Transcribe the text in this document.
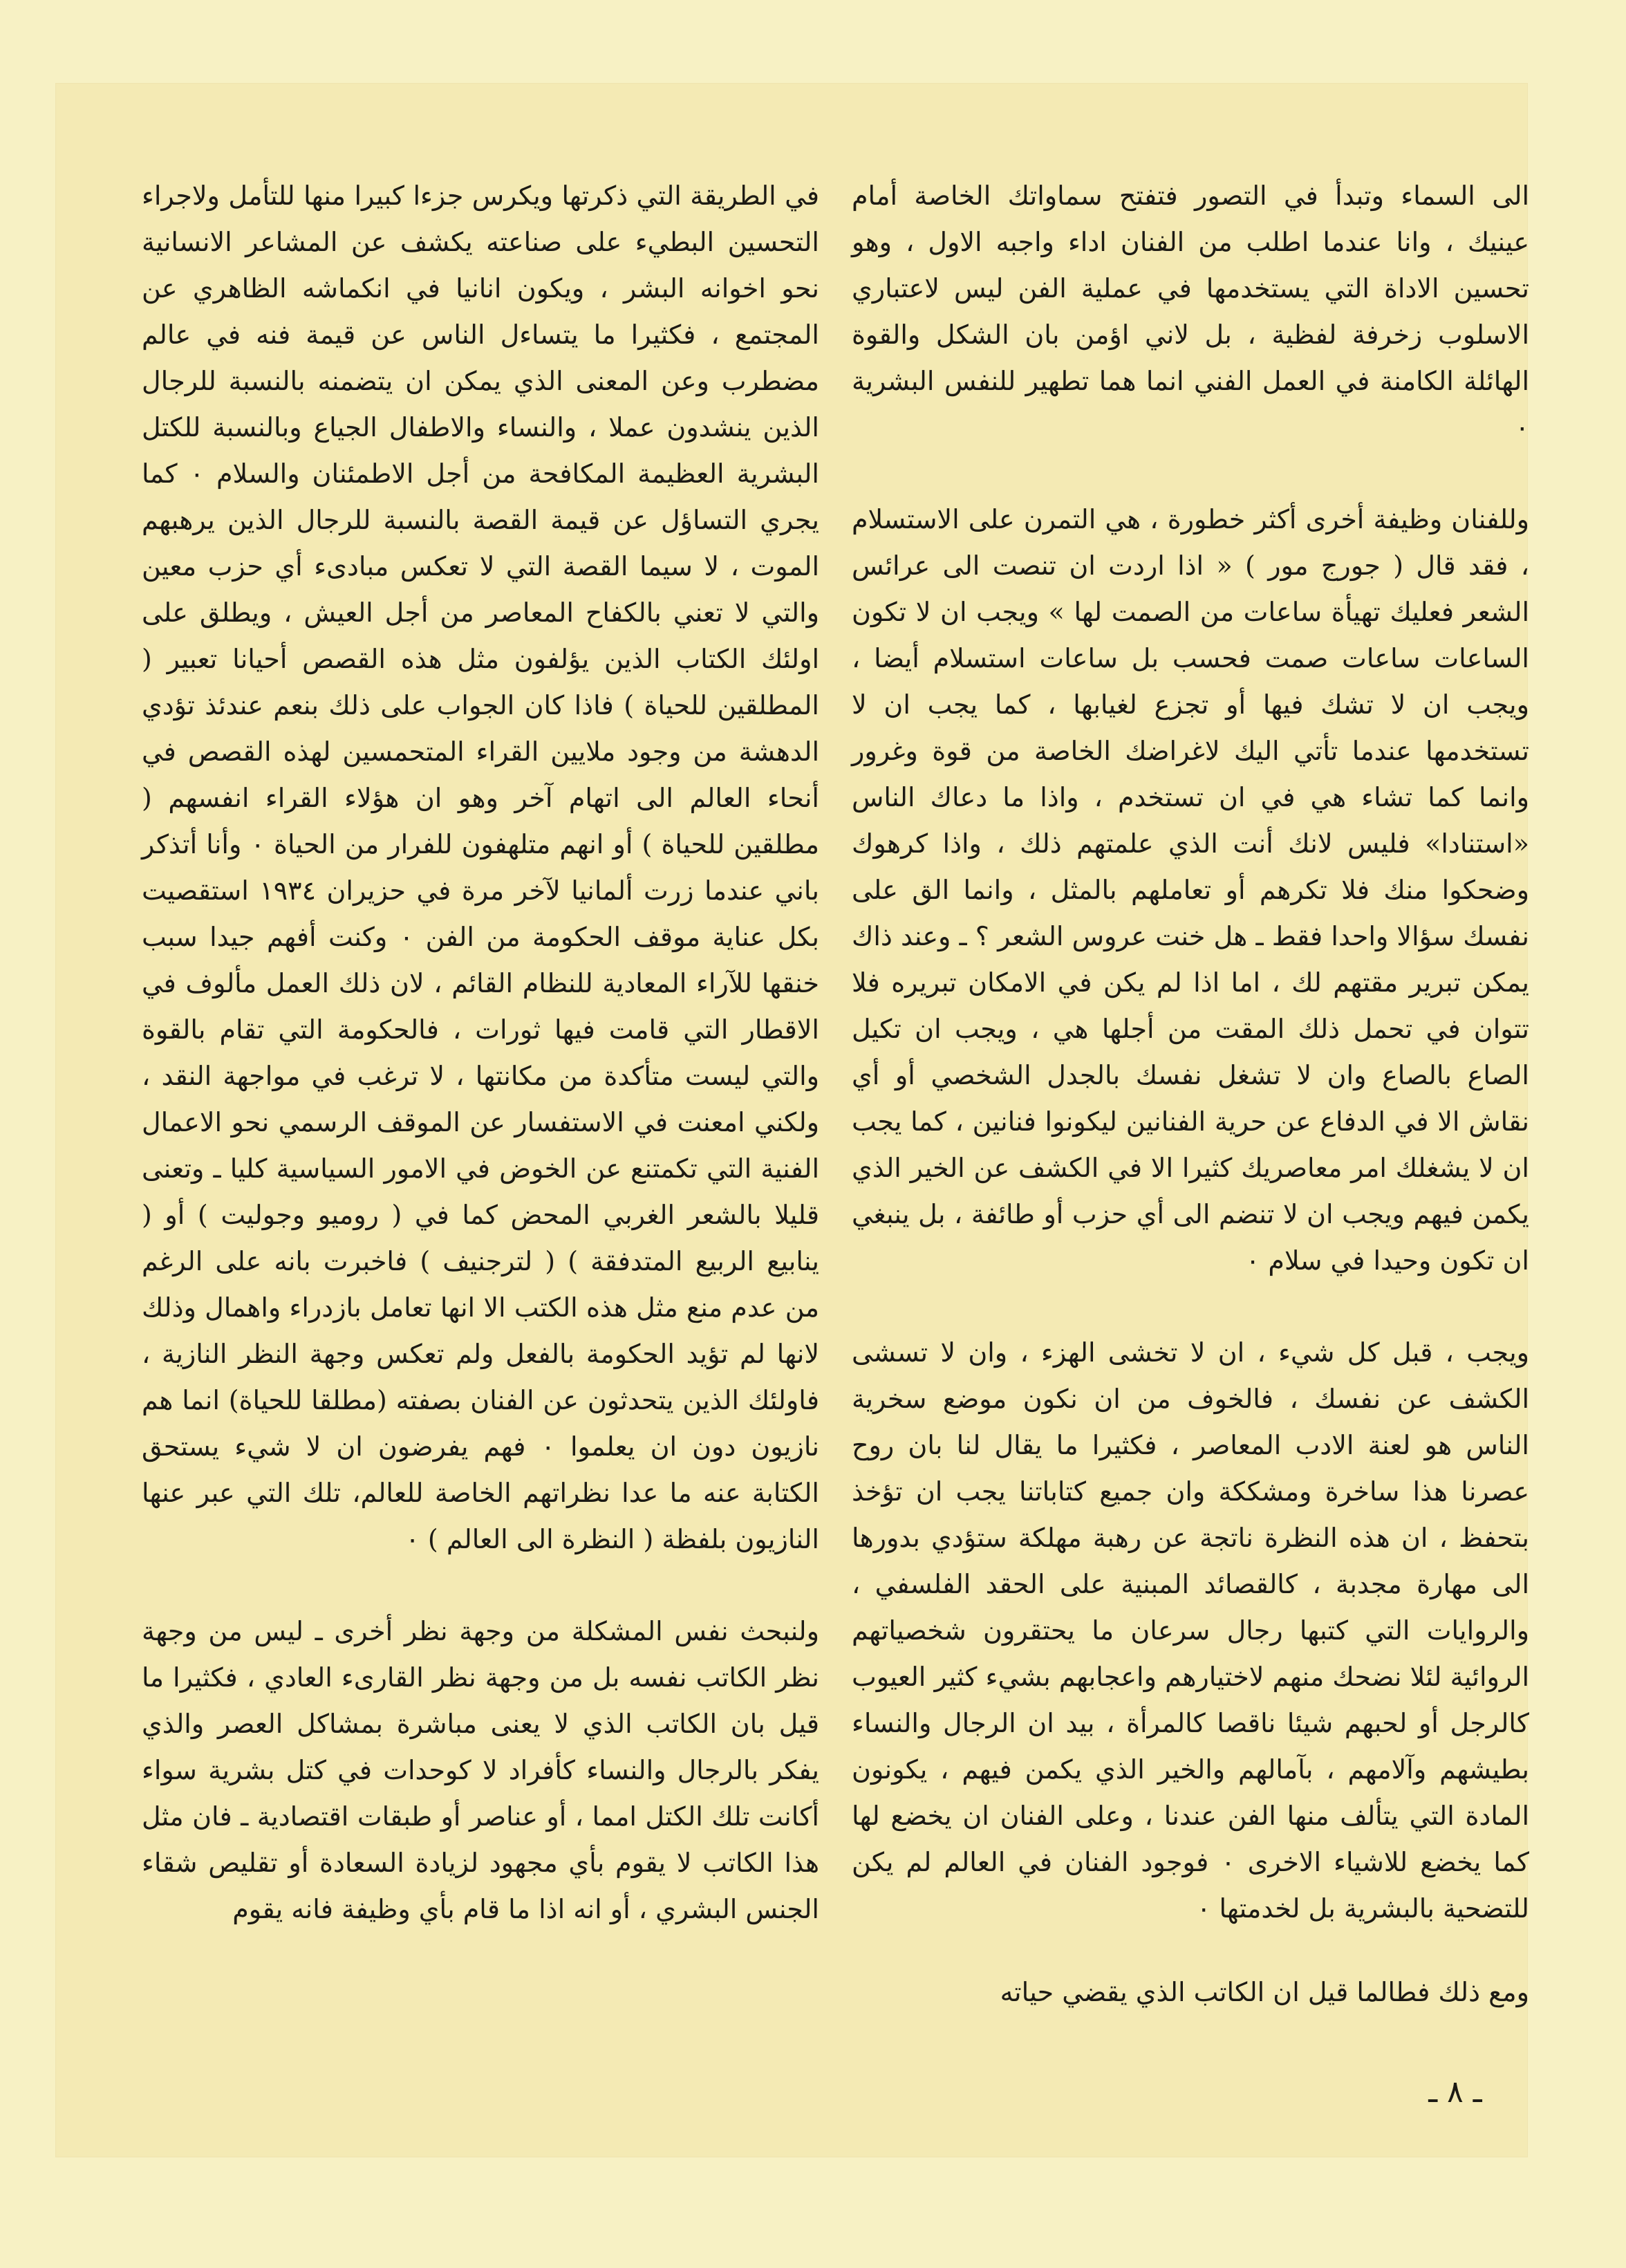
الى السماء وتبدأ في التصور فتفتح سماواتك الخاصة أمام عينيك ، وانا عندما اطلب من الفنان اداء واجبه الاول ، وهو تحسين الاداة التي يستخدمها في عملية الفن ليس لاعتباري الاسلوب زخرفة لفظية ، بل لاني اؤمن بان الشكل والقوة الهائلة الكامنة في العمل الفني انما هما تطهير للنفس البشرية ٠

وللفنان وظيفة أخرى أكثر خطورة ، هي التمرن على الاستسلام ، فقد قال ( جورج مور ) « اذا اردت ان تنصت الى عرائس الشعر فعليك تهيأة ساعات من الصمت لها » ويجب ان لا تكون الساعات ساعات صمت فحسب بل ساعات استسلام أيضا ، ويجب ان لا تشك فيها أو تجزع لغيابها ، كما يجب ان لا تستخدمها عندما تأتي اليك لاغراضك الخاصة من قوة وغرور وانما كما تشاء هي في ان تستخدم ، واذا ما دعاك الناس «استنادا» فليس لانك أنت الذي علمتهم ذلك ، واذا كرهوك وضحكوا منك فلا تكرهم أو تعاملهم بالمثل ، وانما الق على نفسك سؤالا واحدا فقط ـ هل خنت عروس الشعر ؟ ـ وعند ذاك يمكن تبرير مقتهم لك ، اما اذا لم يكن في الامكان تبريره فلا تتوان في تحمل ذلك المقت من أجلها هي ، ويجب ان تكيل الصاع بالصاع وان لا تشغل نفسك بالجدل الشخصي أو أي نقاش الا في الدفاع عن حرية الفنانين ليكونوا فنانين ، كما يجب ان لا يشغلك امر معاصريك كثيرا الا في الكشف عن الخير الذي يكمن فيهم ويجب ان لا تنضم الى أي حزب أو طائفة ، بل ينبغي ان تكون وحيدا في سلام ٠

ويجب ، قبل كل شيء ، ان لا تخشى الهزء ، وان لا تسشى الكشف عن نفسك ، فالخوف من ان نكون موضع سخرية الناس هو لعنة الادب المعاصر ، فكثيرا ما يقال لنا بان روح عصرنا هذا ساخرة ومشككة وان جميع كتاباتنا يجب ان تؤخذ بتحفظ ، ان هذه النظرة ناتجة عن رهبة مهلكة ستؤدي بدورها الى مهارة مجدبة ، كالقصائد المبنية على الحقد الفلسفي ، والروايات التي كتبها رجال سرعان ما يحتقرون شخصياتهم الروائية لئلا نضحك منهم لاختيارهم واعجابهم بشيء كثير العيوب كالرجل أو لحبهم شيئا ناقصا كالمرأة ، بيد ان الرجال والنساء بطيشهم وآلامهم ، بآمالهم والخير الذي يكمن فيهم ، يكونون المادة التي يتألف منها الفن عندنا ، وعلى الفنان ان يخضع لها كما يخضع للاشياء الاخرى ٠ فوجود الفنان في العالم لم يكن للتضحية بالبشرية بل لخدمتها ٠

ومع ذلك فطالما قيل ان الكاتب الذي يقضي حياته

في الطريقة التي ذكرتها ويكرس جزءا كبيرا منها للتأمل ولاجراء التحسين البطيء على صناعته يكشف عن المشاعر الانسانية نحو اخوانه البشر ، ويكون انانيا في انكماشه الظاهري عن المجتمع ، فكثيرا ما يتساءل الناس عن قيمة فنه في عالم مضطرب وعن المعنى الذي يمكن ان يتضمنه بالنسبة للرجال الذين ينشدون عملا ، والنساء والاطفال الجياع وبالنسبة للكتل البشرية العظيمة المكافحة من أجل الاطمئنان والسلام ٠ كما يجري التساؤل عن قيمة القصة بالنسبة للرجال الذين يرهبهم الموت ، لا سيما القصة التي لا تعكس مبادىء أي حزب معين والتي لا تعني بالكفاح المعاصر من أجل العيش ، ويطلق على اولئك الكتاب الذين يؤلفون مثل هذه القصص أحيانا تعبير ( المطلقين للحياة ) فاذا كان الجواب على ذلك بنعم عندئذ تؤدي الدهشة من وجود ملايين القراء المتحمسين لهذه القصص في أنحاء العالم الى اتهام آخر وهو ان هؤلاء القراء انفسهم ( مطلقين للحياة ) أو انهم متلهفون للفرار من الحياة ٠ وأنا أتذكر باني عندما زرت ألمانيا لآخر مرة في حزيران ١٩٣٤ استقصيت بكل عناية موقف الحكومة من الفن ٠ وكنت أفهم جيدا سبب خنقها للآراء المعادية للنظام القائم ، لان ذلك العمل مألوف في الاقطار التي قامت فيها ثورات ، فالحكومة التي تقام بالقوة والتي ليست متأكدة من مكانتها ، لا ترغب في مواجهة النقد ، ولكني امعنت في الاستفسار عن الموقف الرسمي نحو الاعمال الفنية التي تكمتنع عن الخوض في الامور السياسية كليا ـ وتعنى قليلا بالشعر الغربي المحض كما في ( روميو وجوليت ) أو ( ينابيع الربيع المتدفقة ) ( لترجنيف ) فاخبرت بانه على الرغم من عدم منع مثل هذه الكتب الا انها تعامل بازدراء واهمال وذلك لانها لم تؤيد الحكومة بالفعل ولم تعكس وجهة النظر النازية ، فاولئك الذين يتحدثون عن الفنان بصفته (مطلقا للحياة) انما هم نازيون دون ان يعلموا ٠ فهم يفرضون ان لا شيء يستحق الكتابة عنه ما عدا نظراتهم الخاصة للعالم، تلك التي عبر عنها النازيون بلفظة ( النظرة الى العالم ) ٠

ولنبحث نفس المشكلة من وجهة نظر أخرى ـ ليس من وجهة نظر الكاتب نفسه بل من وجهة نظر القارىء العادي ، فكثيرا ما قيل بان الكاتب الذي لا يعنى مباشرة بمشاكل العصر والذي يفكر بالرجال والنساء كأفراد لا كوحدات في كتل بشرية سواء أكانت تلك الكتل امما ، أو عناصر أو طبقات اقتصادية ـ فان مثل هذا الكاتب لا يقوم بأي مجهود لزيادة السعادة أو تقليص شقاء الجنس البشري ، أو انه اذا ما قام بأي وظيفة فانه يقوم

ـ ٨ ـ
